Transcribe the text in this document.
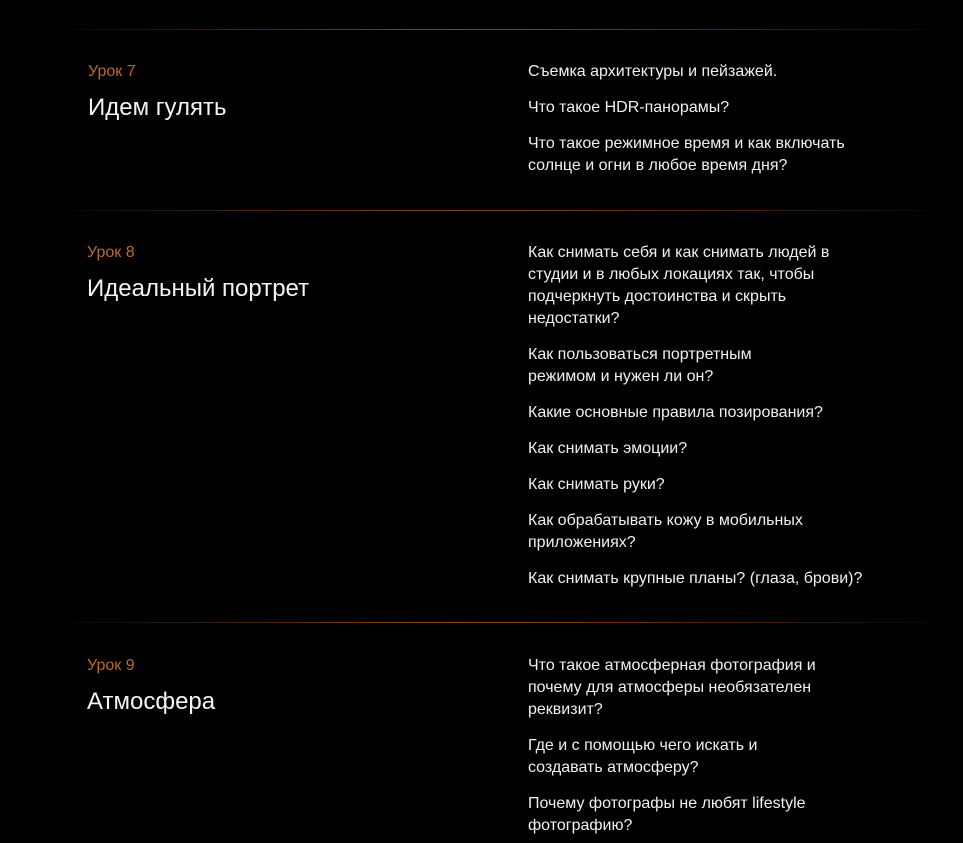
Урок 7
Идем гулять
Съемка архитектуры и пейзажей.
Что такое HDR-панорамы?
Что такое режимное время и как включать
солнце и огни в любое время дня?
Урок 8
Идеальный портрет
Как снимать себя и как снимать людей в
студии и в любых локациях так, чтобы
подчеркнуть достоинства и скрыть
недостатки?
Как пользоваться портретным
режимом и нужен ли он?
Какие основные правила позирования?
Как снимать эмоции?
Как снимать руки?
Как обрабатывать кожу в мобильных
приложениях?
Как снимать крупные планы? (глаза, брови)?
Урок 9
Атмосфера
Что такое атмосферная фотография и
почему для атмосферы необязателен
реквизит?
Где и с помощью чего искать и
создавать атмосферу?
Почему фотографы не любят lifestyle
фотографию?
